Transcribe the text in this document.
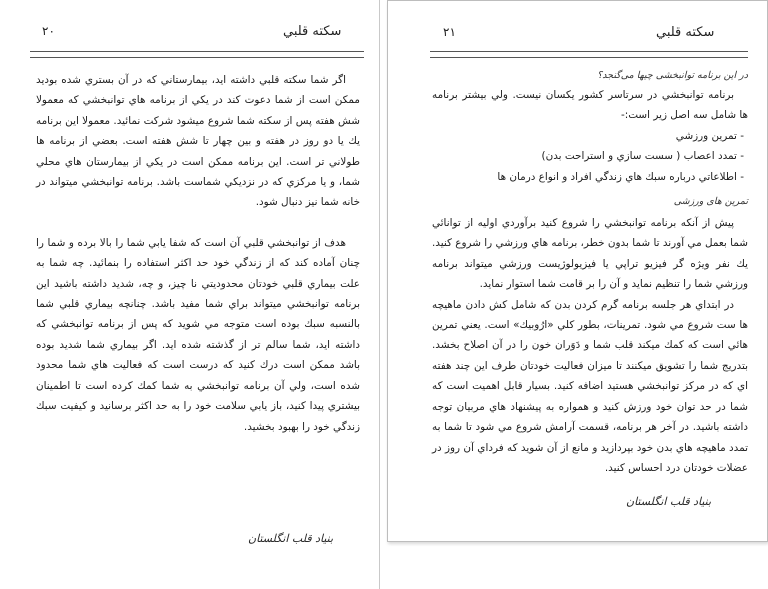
٢٠	سكته قلبي

اگر شما سكته قلبي داشته ايد، بيمارستاني كه در آن بستري شده بوديد ممكن است از شما دعوت كند در يكي از برنامه هاي توانبخشي كه معمولا شش هفته پس از سكته شما شروع ميشود شركت نمائيد. معمولا اين برنامه يك يا دو روز در هفته و بين چهار تا شش هفته است. بعضي از برنامه ها طولاني تر است. اين برنامه ممكن است در يكي از بيمارستان هاي محلي شما، و يا مركزي كه در نزديكي شماست باشد. برنامه توانبخشي ميتواند در خانه شما نيز دنبال شود.

هدف از توانبخشي قلبي آن است كه شفا يابي شما را بالا برده و شما را چنان آماده كند كه از زندگي خود حد اكثر استفاده را بنمائيد. چه شما به علت بيماري قلبي خودتان محدوديتي نا چيز، و چه، شديد داشته باشيد اين برنامه توانبخشي ميتواند براي شما مفيد باشد. چنانچه بيماري قلبي شما بالنسبه سبك بوده است متوجه مي شويد كه پس از برنامه توانبخشي كه داشته ايد، شما سالم تر از گذشته شده ايد. اگر بيماري شما شديد بوده باشد ممكن است درك كنيد كه درست است كه فعاليت هاي شما محدود شده است، ولي آن برنامه توانبخشي به شما كمك كرده است تا اطمينان بيشتري پيدا كنيد، باز يابي سلامت خود را به حد اكثر برسانيد و كيفيت سبك زندگي خود را بهبود بخشيد.

بنیاد قلب انگلستان
٢١	سكته قلبي
در این برنامه توانبخشی چیها می‌گنجد؟

برنامه توانبخشي در سرتاسر كشور يكسان نيست. ولي بيشتر برنامه ها شامل سه اصل زير است:-

- تمرين ورزشي

- تمدد اعصاب ( سست سازي و استراحت بدن)

- اطلاعاتي درباره سبك هاي زندگي افراد و انواع درمان ها

تمرین های ورزشی

پيش از آنكه برنامه توانبخشي را شروع كنيد برآوردي اوليه از توانائي شما بعمل مي آورند تا شما بدون خطر، برنامه هاي ورزشي را شروع كنيد. يك نفر ويژه گر فيزيو تراپي يا فيزيولوژيست ورزشي ميتواند برنامه ورزشي شما را تنظيم نمايد و آن را بر قامت شما استوار نمايد.

در ابتداي هر جلسه برنامه گرم كردن بدن كه شامل كش دادن ماهيچه ها ست شروع مي شود. تمرينات، بطور كلي «ارُوبيك» است. يعني تمرين هائي است كه كمك ميكند قلب شما و دَوَران خون را در آن اصلاح بخشد. بتدريج شما را تشويق ميكنند تا ميزان فعاليت خودتان طرف اين چند هفته اي كه در مركز توانبخشي هستيد اضافه كنيد. بسيار قابل اهميت است كه شما در حد توان خود ورزش كنيد و همواره به پيشنهاد هاي مربيان توجه داشته باشيد. در آخر هر برنامه، قسمت آرامش شروع مي شود تا شما به تمدد ماهيچه هاي بدن خود بپردازيد و مانع از آن شويد كه فرداي آن روز در عضلات خودتان درد احساس كنيد.

بنیاد قلب انگلستان
